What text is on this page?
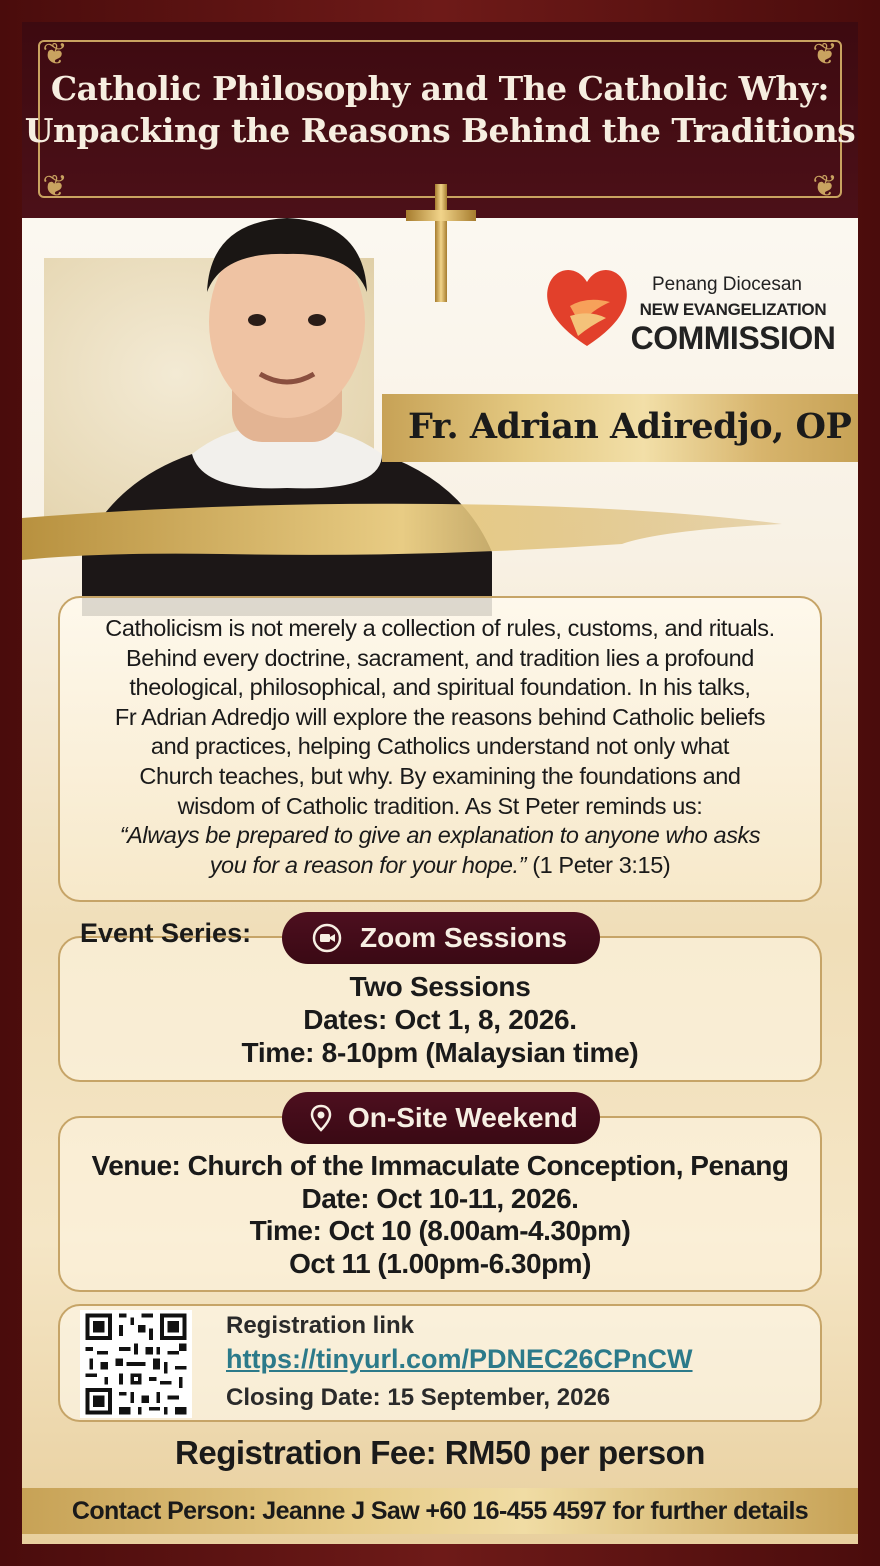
❦	❦
❦	❦
Catholic Philosophy and The Catholic Why:
Unpacking the Reasons Behind the Traditions
Penang Diocesan
NEW EVANGELIZATION
COMMISSION
Fr. Adrian Adiredjo, OP

Catholicism is not merely a collection of rules, customs, and rituals.

Behind every doctrine, sacrament, and tradition lies a profound

theological, philosophical, and spiritual foundation. In his talks,

Fr Adrian Adredjo will explore the reasons behind Catholic beliefs

and practices, helping Catholics understand not only what

Church teaches, but why. By examining the foundations and

wisdom of Catholic tradition. As St Peter reminds us:

“Always be prepared to give an explanation to anyone who asks

you for a reason for your hope.” (1 Peter 3:15)

Event Series:	Zoom Sessions
Two Sessions
Dates: Oct 1, 8, 2026.
Time: 8-10pm (Malaysian time)
On-Site Weekend
Venue: Church of the Immaculate Conception, Penang
Date: Oct 10-11, 2026.
Time: Oct 10 (8.00am-4.30pm)
Oct 11 (1.00pm-6.30pm)
Registration link
https://tinyurl.com/PDNEC26CPnCW
Closing Date: 15 September, 2026
Registration Fee: RM50 per person
Contact Person: Jeanne J Saw +60 16-455 4597 for further details
